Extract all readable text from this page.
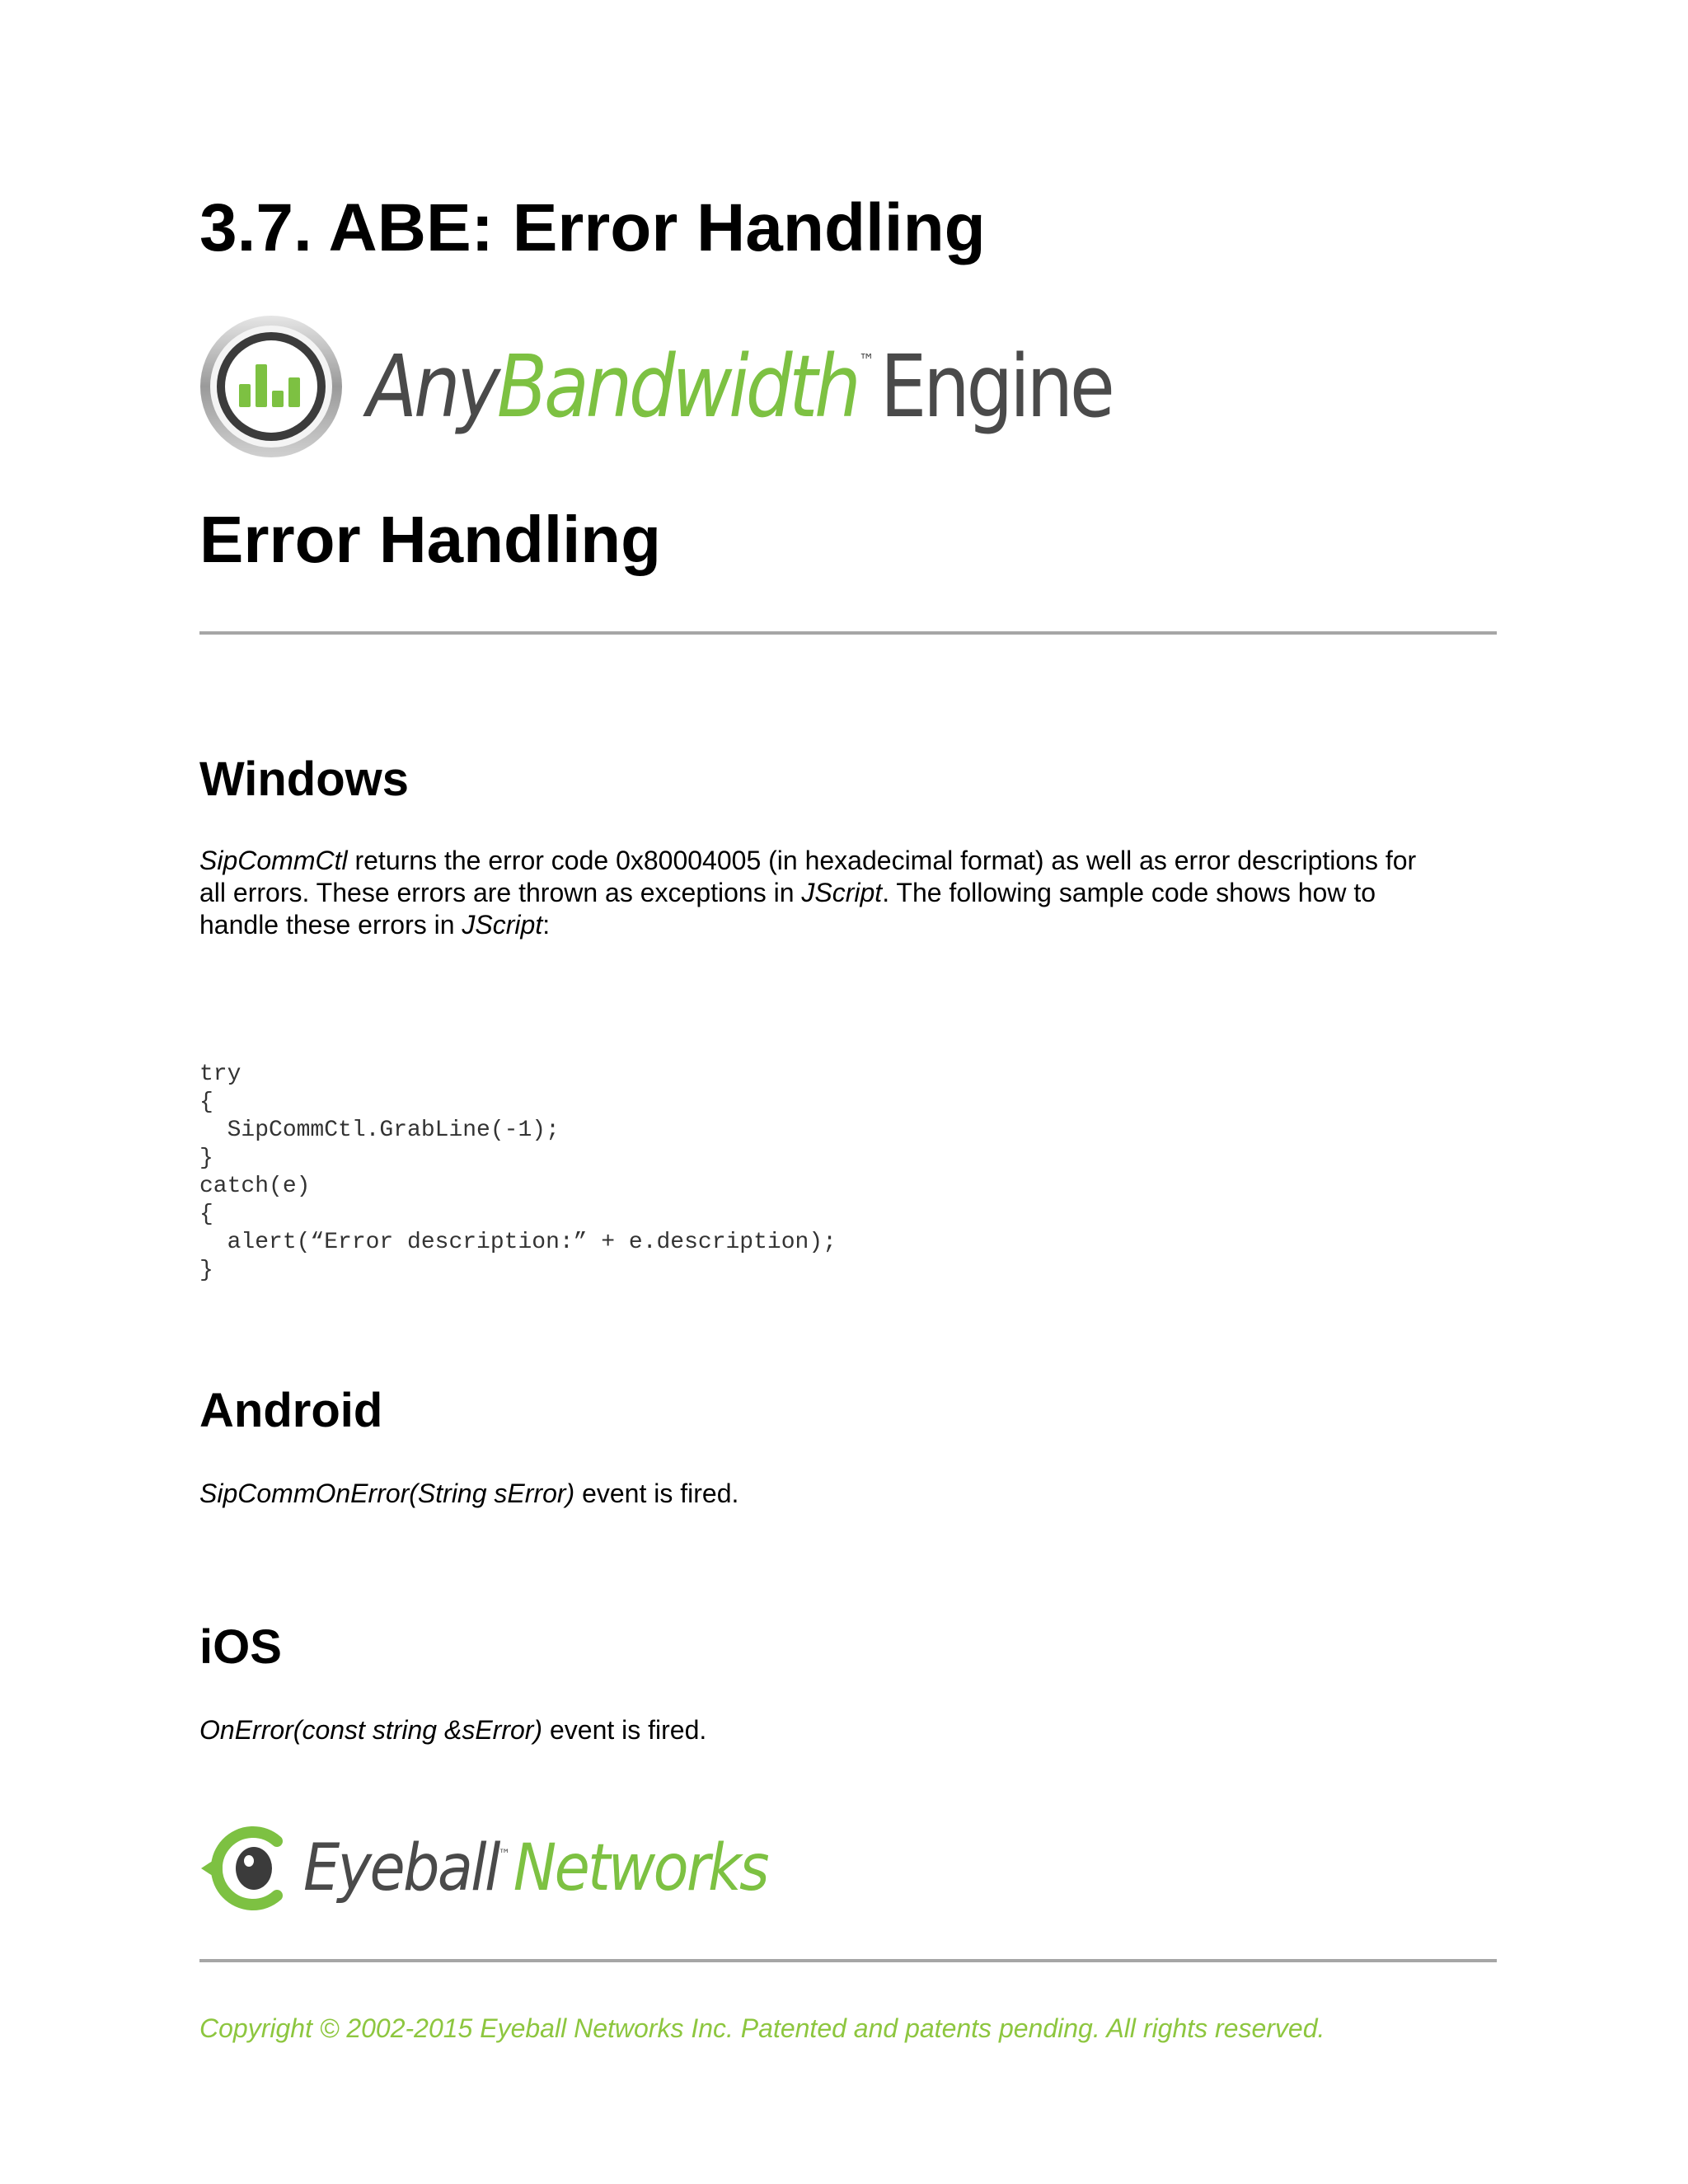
3.7. ABE: Error Handling
Any Bandwidth ™ Engine
Error Handling
Windows

SipCommCtl returns the error code 0x80004005 (in hexadecimal format) as well as error descriptions for
all errors. These errors are thrown as exceptions in JScript. The following sample code shows how to
handle these errors in JScript:

try
{
SipCommCtl.GrabLine(-1);
}
catch(e)
{
alert(“Error description:” + e.description);
}
Android

SipCommOnError(String sError) event is fired.

iOS

OnError(const string &sError) event is fired.

Eyeball ™ Networks

Copyright © 2002-2015 Eyeball Networks Inc. Patented and patents pending. All rights reserved.
